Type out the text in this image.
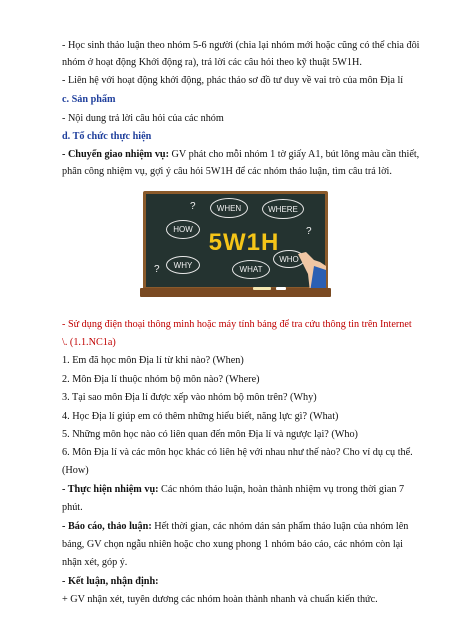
- Học sinh thảo luận theo nhóm 5-6 người (chia lại nhóm mới hoặc cũng có thể chia đôi
nhóm ở hoạt động Khởi động ra), trả lời các câu hỏi theo kỹ thuật 5W1H.
- Liên hệ với hoạt động khởi động, phác thảo sơ đồ tư duy về vai trò của môn Địa lí
c. Sản phẩm
- Nội dung trả lời câu hỏi của các nhóm
d. Tổ chức thực hiện
- Chuyển giao nhiệm vụ: GV phát cho mỗi nhóm 1 tờ giấy A1, bút lông màu cần thiết,
phân công nhiệm vụ, gợi ý câu hỏi 5W1H để các nhóm thảo luận, tìm câu trả lời.
5W1H
WHEN	WHERE
HOW
WHY	WHAT
WHO
?
?
?
- Sử dụng điện thoại thông minh hoặc máy tính bảng để tra cứu thông tin trên Internet
\. (1.1.NC1a)
1. Em đã học môn Địa lí từ khi nào? (When)
2. Môn Địa lí thuộc nhóm bộ môn nào? (Where)
3. Tại sao môn Địa lí được xếp vào nhóm bộ môn trên? (Why)
4. Học Địa lí giúp em có thêm những hiểu biết, năng lực gì? (What)
5. Những môn học nào có liên quan đến môn Địa lí và ngược lại? (Who)
6. Môn Địa lí và các môn học khác có liên hệ với nhau như thế nào? Cho ví dụ cụ thể.
(How)
- Thực hiện nhiệm vụ: Các nhóm thảo luận, hoàn thành nhiệm vụ trong thời gian 7
phút.
- Báo cáo, thảo luận: Hết thời gian, các nhóm dán sản phẩm thảo luận của nhóm lên
bảng, GV chọn ngẫu nhiên hoặc cho xung phong 1 nhóm báo cáo, các nhóm còn lại
nhận xét, góp ý.
- Kết luận, nhận định:
+ GV nhận xét, tuyên dương các nhóm hoàn thành nhanh và chuẩn kiến thức.
